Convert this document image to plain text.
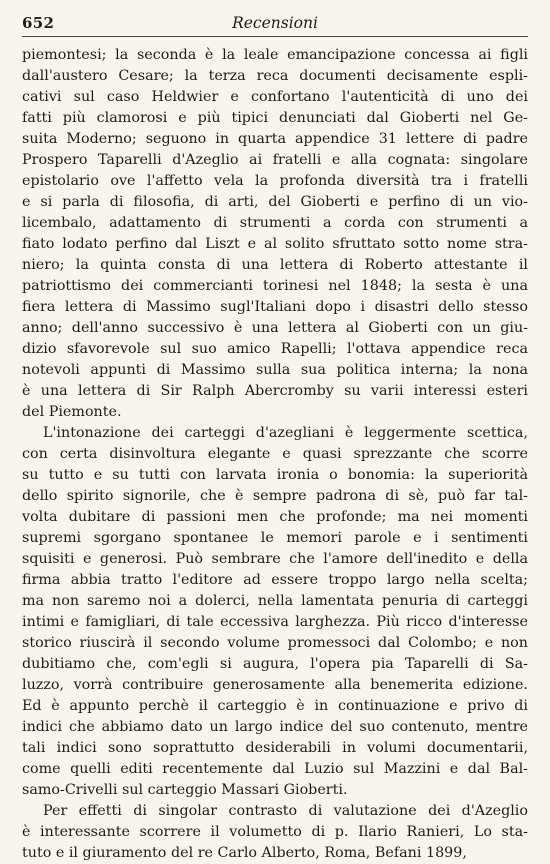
652	Recensioni
piemontesi; la seconda è la leale emancipazione concessa ai figli
dall'austero Cesare; la terza reca documenti decisamente espli-
cativi sul caso Heldwier e confortano l'autenticità di uno dei
fatti più clamorosi e più tipici denunciati dal Gioberti nel Ge-
suita Moderno; seguono in quarta appendice 31 lettere di padre
Prospero Taparelli d'Azeglio ai fratelli e alla cognata: singolare
epistolario ove l'affetto vela la profonda diversità tra i fratelli
e si parla di filosofia, di arti, del Gioberti e perfino di un vio-
licembalo, adattamento di strumenti a corda con strumenti a
fiato lodato perfino dal Liszt e al solito sfruttato sotto nome stra-
niero; la quinta consta di una lettera di Roberto attestante il
patriottismo dei commercianti torinesi nel 1848; la sesta è una
fiera lettera di Massimo sugl'Italiani dopo i disastri dello stesso
anno; dell'anno successivo è una lettera al Gioberti con un giu-
dizio sfavorevole sul suo amico Rapelli; l'ottava appendice reca
notevoli appunti di Massimo sulla sua politica interna; la nona
è una lettera di Sir Ralph Abercromby su varii interessi esteri
del Piemonte.
L'intonazione dei carteggi d'azegliani è leggermente scettica,
con certa disinvoltura elegante e quasi sprezzante che scorre
su tutto e su tutti con larvata ironia o bonomia: la superiorità
dello spirito signorile, che è sempre padrona di sè, può far tal-
volta dubitare di passioni men che profonde; ma nei momenti
supremi sgorgano spontanee le memori parole e i sentimenti
squisiti e generosi. Può sembrare che l'amore dell'inedito e della
firma abbia tratto l'editore ad essere troppo largo nella scelta;
ma non saremo noi a dolerci, nella lamentata penuria di carteggi
intimi e famigliari, di tale eccessiva larghezza. Più ricco d'interesse
storico riuscirà il secondo volume promessoci dal Colombo; e non
dubitiamo che, com'egli si augura, l'opera pia Taparelli di Sa-
luzzo, vorrà contribuire generosamente alla benemerita edizione.
Ed è appunto perchè il carteggio è in continuazione e privo di
indici che abbiamo dato un largo indice del suo contenuto, mentre
tali indici sono soprattutto desiderabili in volumi documentarii,
come quelli editi recentemente dal Luzio sul Mazzini e dal Bal-
samo-Crivelli sul carteggio Massari Gioberti.
Per effetti di singolar contrasto di valutazione dei d'Azeglio
è interessante scorrere il volumetto di p. Ilario Ranieri, Lo sta-
tuto e il giuramento del re Carlo Alberto, Roma, Befani 1899,
